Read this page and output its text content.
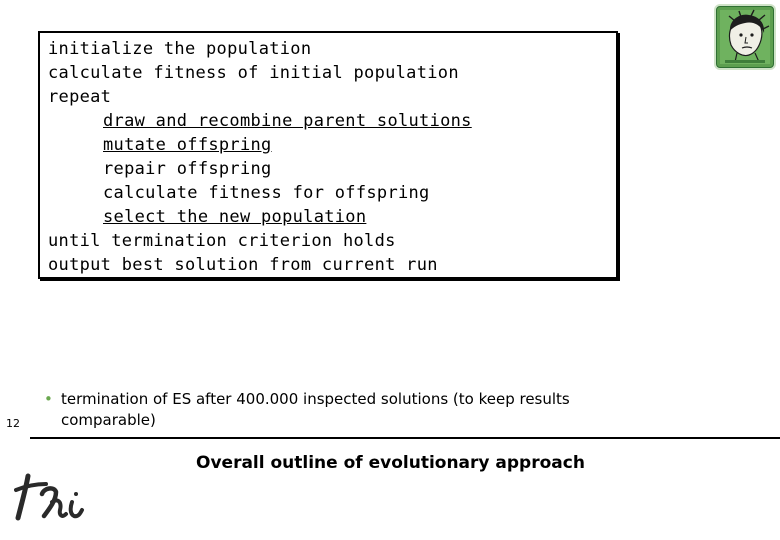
initialize the population
calculate fitness of initial population
repeat
draw and recombine parent solutions
mutate offspring
repair offspring
calculate fitness for offspring
select the new population
until termination criterion holds
output best solution from current run
• termination of ES after 400.000 inspected solutions (to keep results comparable)
12
Overall outline of evolutionary approach
